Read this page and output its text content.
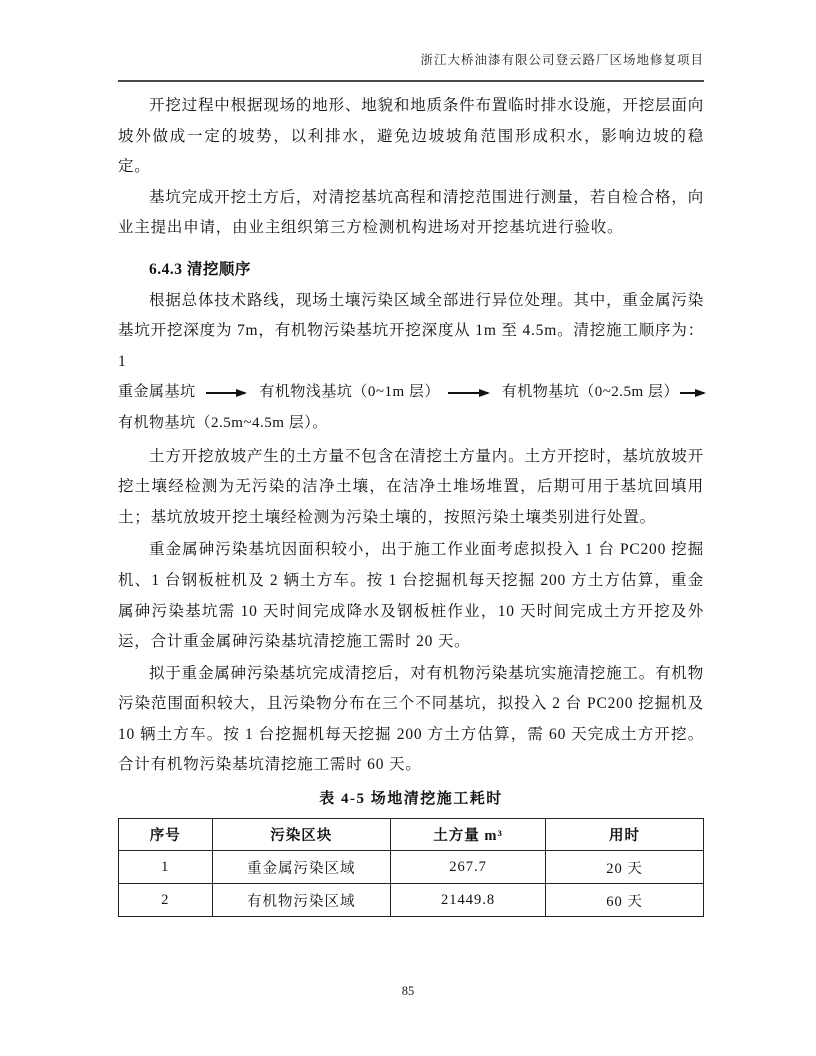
浙江大桥油漆有限公司登云路厂区场地修复项目

开挖过程中根据现场的地形、地貌和地质条件布置临时排水设施，开挖层面向坡外做成一定的坡势，以利排水，避免边坡坡角范围形成积水，影响边坡的稳定。

基坑完成开挖土方后，对清挖基坑高程和清挖范围进行测量，若自检合格，向业主提出申请，由业主组织第三方检测机构进场对开挖基坑进行验收。

6.4.3 清挖顺序

根据总体技术路线，现场土壤污染区域全部进行异位处理。其中，重金属污染基坑开挖深度为 7m，有机物污染基坑开挖深度从 1m 至 4.5m。清挖施工顺序为：1

重金属基坑	有机物浅基坑（0~1m 层）	有机物基坑（0~2.5m 层）
有机物基坑（2.5m~4.5m 层）。

土方开挖放坡产生的土方量不包含在清挖土方量内。土方开挖时，基坑放坡开挖土壤经检测为无污染的洁净土壤，在洁净土堆场堆置，后期可用于基坑回填用土；基坑放坡开挖土壤经检测为污染土壤的，按照污染土壤类别进行处置。

重金属砷污染基坑因面积较小，出于施工作业面考虑拟投入 1 台 PC200 挖掘机、1 台钢板桩机及 2 辆土方车。按 1 台挖掘机每天挖掘 200 方土方估算，重金属砷污染基坑需 10 天时间完成降水及钢板桩作业，10 天时间完成土方开挖及外运，合计重金属砷污染基坑清挖施工需时 20 天。

拟于重金属砷污染基坑完成清挖后，对有机物污染基坑实施清挖施工。有机物污染范围面积较大，且污染物分布在三个不同基坑，拟投入 2 台 PC200 挖掘机及 10 辆土方车。按 1 台挖掘机每天挖掘 200 方土方估算，需 60 天完成土方开挖。合计有机物污染基坑清挖施工需时 60 天。

表 4-5 场地清挖施工耗时
序号	污染区块	土方量 m³	用时
1	重金属污染区域	267.7	20 天
2	有机物污染区域	21449.8	60 天
85
